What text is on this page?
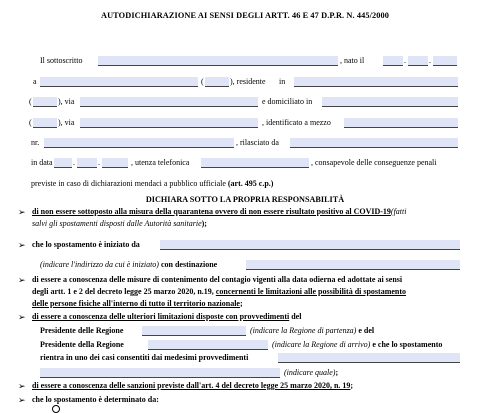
AUTODICHIARAZIONE AI SENSI DEGLI ARTT. 46 E 47 D.P.R. N. 445/2000
Il sottoscritto	, nato il	.	.
a	(	), residente in
(	), via	e domiciliato in
(	), via	, identificato a mezzo
nr.	, rilasciato da
in data	.	.	, utenza telefonica	, consapevole delle conseguenze penali
previste in caso di dichiarazioni mendaci a pubblico ufficiale (art. 495 c.p.)
DICHIARA SOTTO LA PROPRIA RESPONSABILITÀ
➢ di non essere sottoposto alla misura della quarantena ovvero di non essere risultato positivo al COVID-19(fatti
salvi gli spostamenti disposti dalle Autorità sanitarie);
➢ che lo spostamento è iniziato da
(indicare l'indirizzo da cui è iniziato) con destinazione
➢ di essere a conoscenza delle misure di contenimento del contagio vigenti alla data odierna ed adottate ai sensi
degli artt. 1 e 2 del decreto legge 25 marzo 2020, n.19, concernenti le limitazioni alle possibilità di spostamento
delle persone fisiche all'interno di tutto il territorio nazionale;
➢ di essere a conoscenza delle ulteriori limitazioni disposte con provvedimenti del
Presidente delle Regione	(indicare la Regione di partenza) e del
Presidente della Regione	(indicare la Regione di arrivo) e che lo spostamento
rientra in uno dei casi consentiti dai medesimi provvedimenti
(indicare quale);
➢ di essere a conoscenza delle sanzioni previste dall'art. 4 del decreto legge 25 marzo 2020, n. 19;
➢ che lo spostamento è determinato da:
